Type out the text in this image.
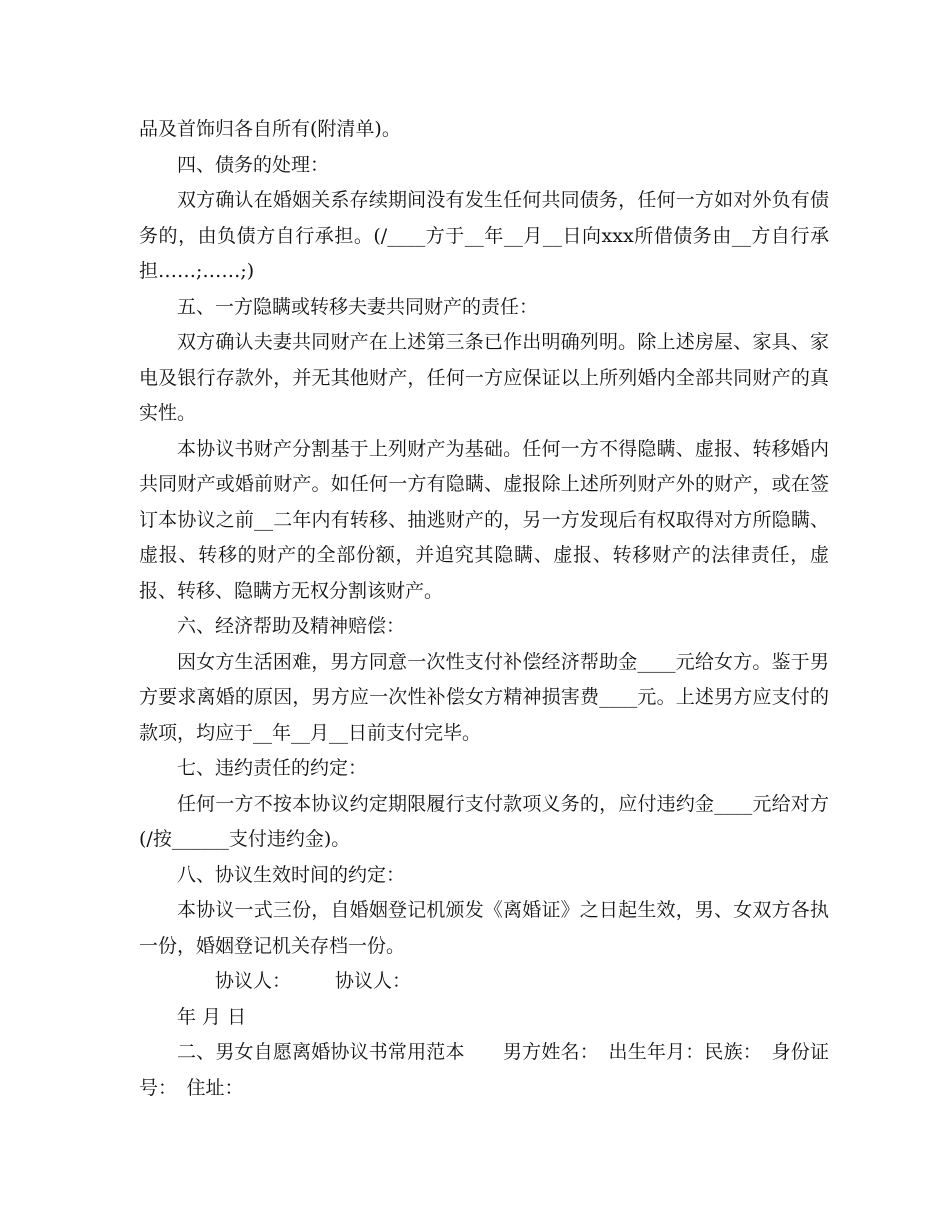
品及首饰归各自所有(附清单)。

四、债务的处理：

双方确认在婚姻关系存续期间没有发生任何共同债务，任何一方如对外负有债务的，由负债方自行承担。(/____方于__年__月__日向xxx所借债务由__方自行承担……;……;)

五、一方隐瞒或转移夫妻共同财产的责任：

双方确认夫妻共同财产在上述第三条已作出明确列明。除上述房屋、家具、家电及银行存款外，并无其他财产，任何一方应保证以上所列婚内全部共同财产的真实性。

本协议书财产分割基于上列财产为基础。任何一方不得隐瞒、虚报、转移婚内共同财产或婚前财产。如任何一方有隐瞒、虚报除上述所列财产外的财产，或在签订本协议之前__二年内有转移、抽逃财产的，另一方发现后有权取得对方所隐瞒、虚报、转移的财产的全部份额，并追究其隐瞒、虚报、转移财产的法律责任，虚报、转移、隐瞒方无权分割该财产。

六、经济帮助及精神赔偿：

因女方生活困难，男方同意一次性支付补偿经济帮助金____元给女方。鉴于男方要求离婚的原因，男方应一次性补偿女方精神损害费____元。上述男方应支付的款项，均应于__年__月__日前支付完毕。

七、违约责任的约定：

任何一方不按本协议约定期限履行支付款项义务的，应付违约金____元给对方(/按______支付违约金)。

八、协议生效时间的约定：

本协议一式三份，自婚姻登记机颁发《离婚证》之日起生效，男、女双方各执一份，婚姻登记机关存档一份。

协议人： 协议人：

年 月 日

二、男女自愿离婚协议书常用范本　　男方姓名：　出生年月：民族：　身份证号：　住址：
